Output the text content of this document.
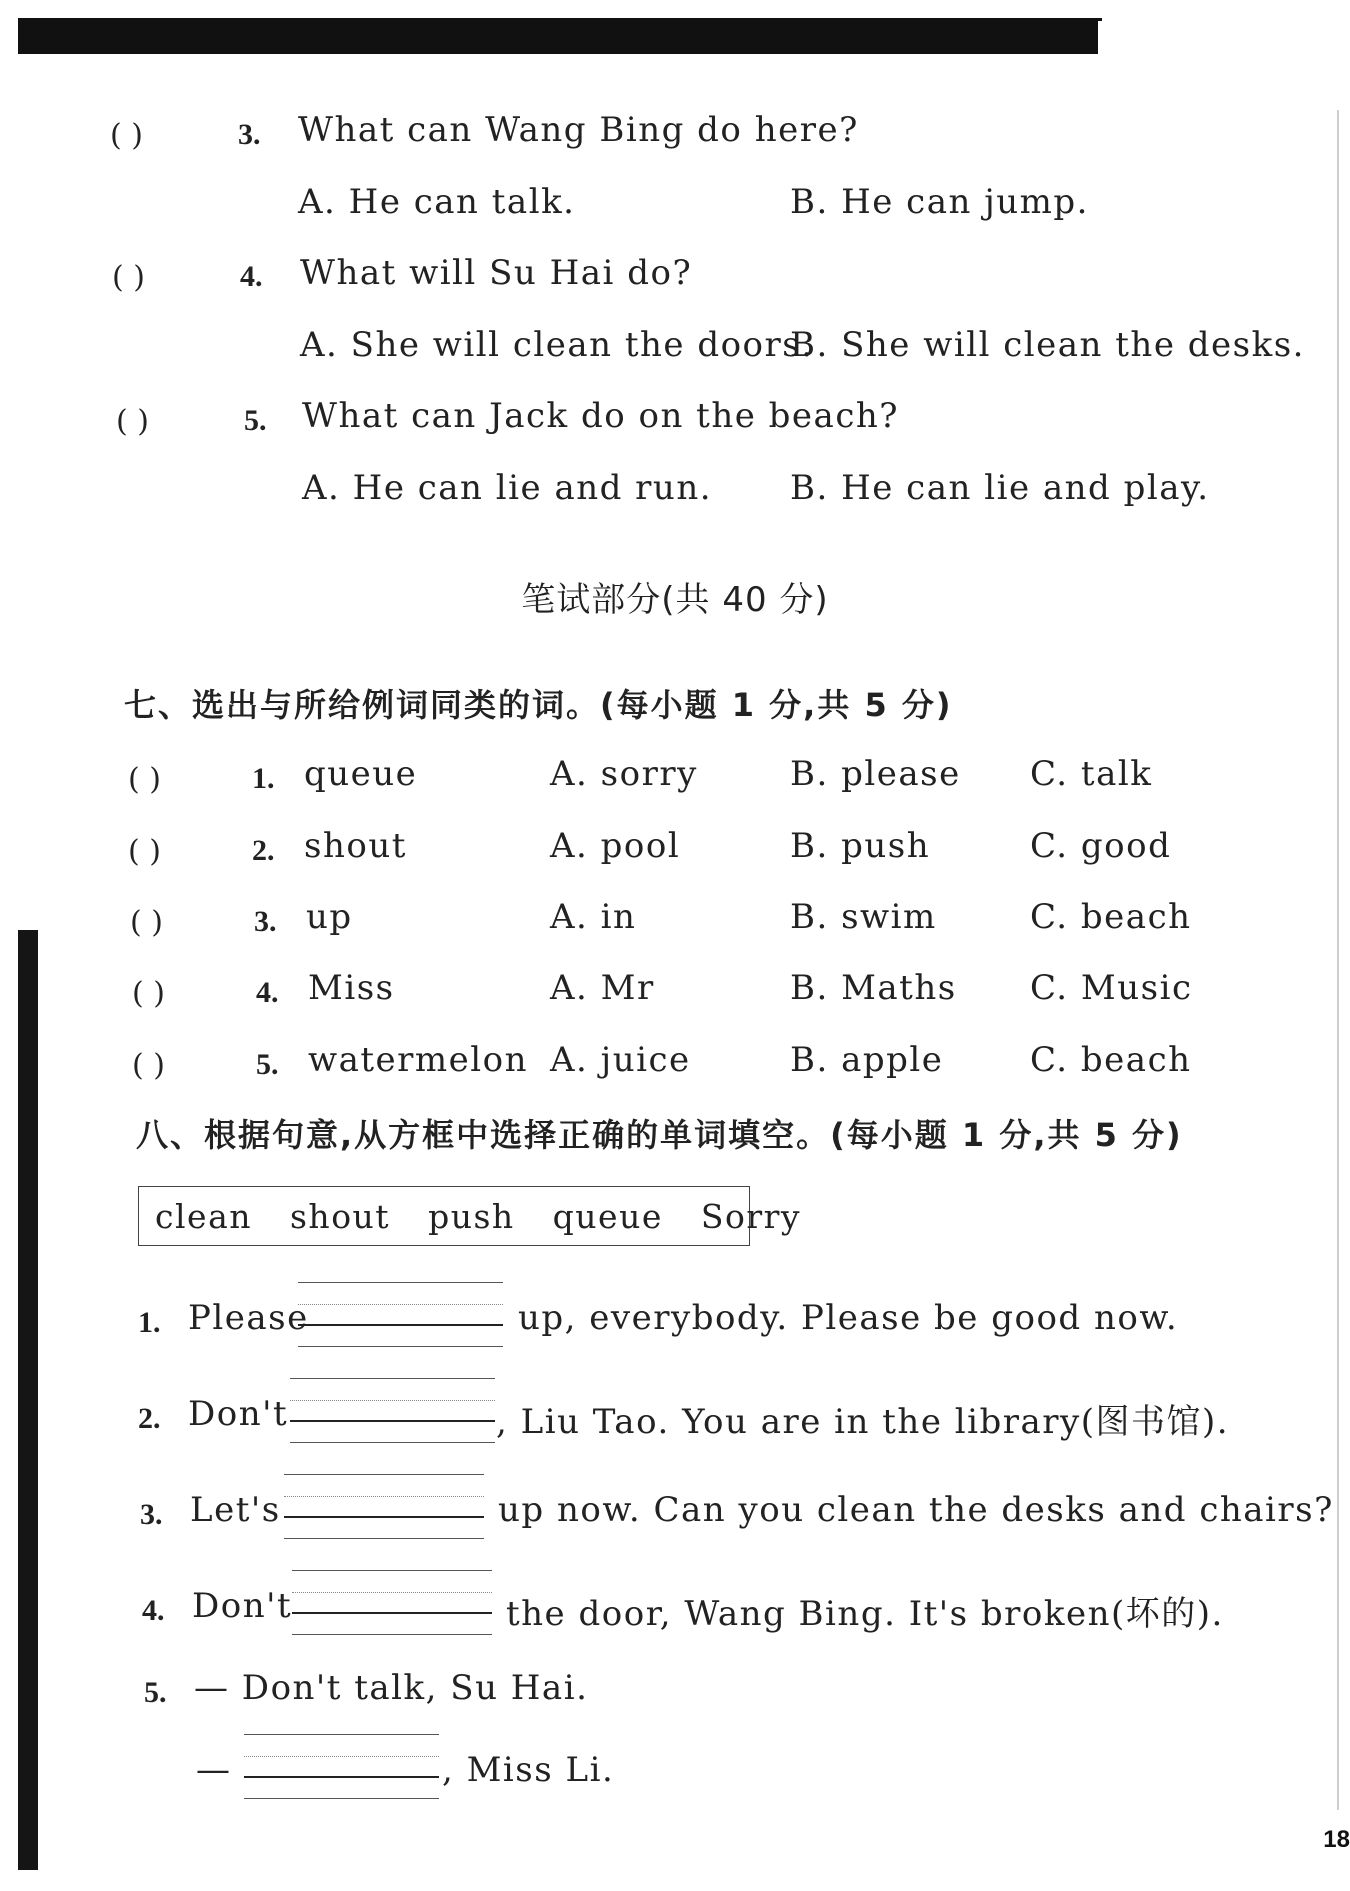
( )	3. What can Wang Bing do here?
A. He can talk.	B. He can jump.
( )	4. What will Su Hai do?
A. She will clean the doors.
B. She will clean the desks.
( )	5. What can Jack do on the beach?
A. He can lie and run. B. He can lie and play.
笔试部分(共 40 分)
七、选出与所给例词同类的词。(每小题 1 分,共 5 分)
( )	1. queue	A. sorry	B. please C. talk
( )	2. shout	A. pool	B. push	C. good
( )	3. up	A. in	B. swim	C. beach
( )	4. Miss	A. Mr	B. Maths C. Music
( )	5. watermelon A. juice	B. apple	C. beach
八、根据句意,从方框中选择正确的单词填空。(每小题 1 分,共 5 分)
clean shout push queue Sorry
1. Please	up, everybody. Please be good now.
2. Don't	, Liu Tao. You are in the library(图书馆).
3. Let's	up now. Can you clean the desks and chairs?
4. Don't	the door, Wang Bing. It's broken(坏的).
5. — Don't talk, Su Hai.
—	, Miss Li.
18
